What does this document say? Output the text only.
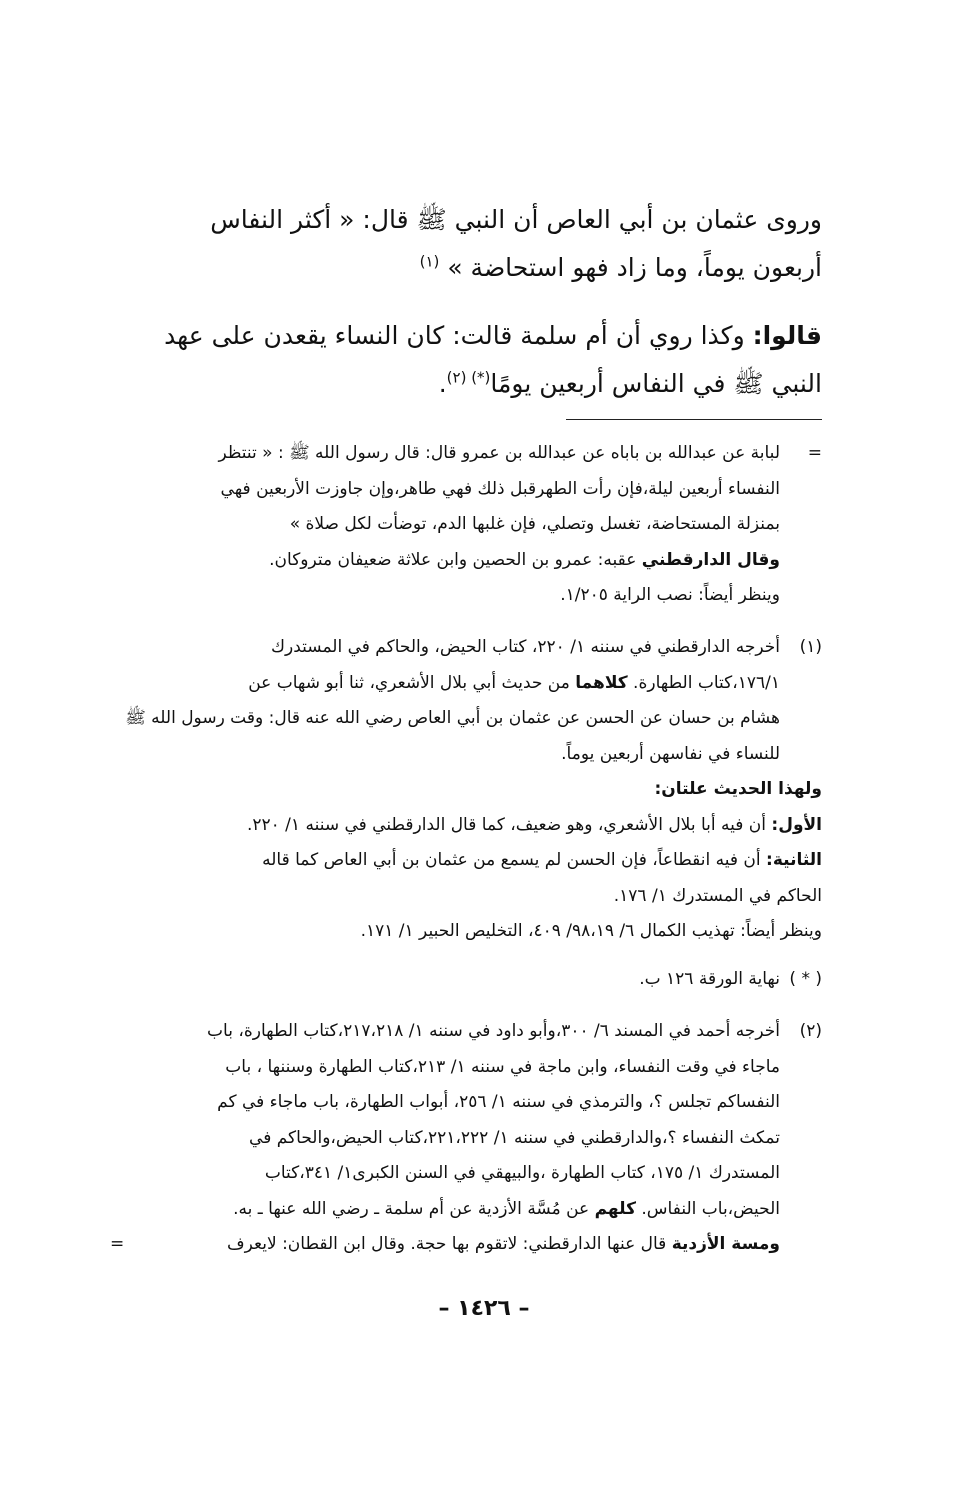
وروى عثمان بن أبي العاص أن النبي ﷺ قال: « أكثر النفاس
أربعون يوماً، وما زاد فهو استحاضة » $^{(١)}$

قالوا: وكذا روي أن أم سلمة قالت: كان النساء يقعدن على عهد
النبي ﷺ في النفاس أربعين يومًا$^{(*) (٢)}$.

=
لبابة عن عبدالله بن باباه عن عبدالله بن عمرو قال: قال رسول الله ﷺ : « تنتظر
النفساء أربعين ليلة،فإن رأت الطهرقبل ذلك فهي طاهر،وإن جاوزت الأربعين فهي
بمنزلة المستحاضة، تغسل وتصلي، فإن غلبها الدم، توضأت لكل صلاة »
وقال الدارقطني عقبه: عمرو بن الحصين وابن علاثة ضعيفان متروكان.
وينظر أيضاً: نصب الراية ١/٢٠٥.
(١)
أخرجه الدارقطني في سننه ١/ ٢٢٠، كتاب الحيض، والحاكم في المستدرك
١٧٦/١،كتاب الطهارة. كلاهما من حديث أبي بلال الأشعري، ثنا أبو شهاب عن
هشام بن حسان عن الحسن عن عثمان بن أبي العاص رضي الله عنه قال: وقت رسول الله ﷺ
للنساء في نفاسهن أربعين يوماً.
ولهذا الحديث علتان:
الأول: أن فيه أبا بلال الأشعري، وهو ضعيف، كما قال الدارقطني في سننه ١/ ٢٢٠.
الثانية: أن فيه انقطاعاً، فإن الحسن لم يسمع من عثمان بن أبي العاص كما قاله
الحاكم في المستدرك ١/ ١٧٦.
وينظر أيضاً: تهذيب الكمال ٦/ ٩٨،١٩/ ٤٠٩، التخليص الحبير ١/ ١٧١.
( * )
نهاية الورقة ١٢٦ ب.
(٢)
أخرجه أحمد في المسند ٦/ ٣٠٠،وأبو داود في سننه ١/ ٢١٧،٢١٨،كتاب الطهارة، باب
ماجاء في وقت النفساء، وابن ماجة في سننه ١/ ٢١٣،كتاب الطهارة وسننها ، باب
النفساكم تجلس ؟، والترمذي في سننه ١/ ٢٥٦، أبواب الطهارة، باب ماجاء في كم
تمكث النفساء ؟،والدارقطني في سننه ١/ ٢٢١،٢٢٢،كتاب الحيض،والحاكم في
المستدرك ١/ ١٧٥، كتاب الطهارة ،والبيهقي في السنن الكبرى١/ ٣٤١،كتاب
الحيض،باب النفاس. كلهم عن مُسَّة الأزدية عن أم سلمة ـ رضي الله عنها ـ به.
ومسة الأزدية قال عنها الدارقطني: لاتقوم بها حجة. وقال ابن القطان: لايعرف
=
– ١٤٢٦ –
